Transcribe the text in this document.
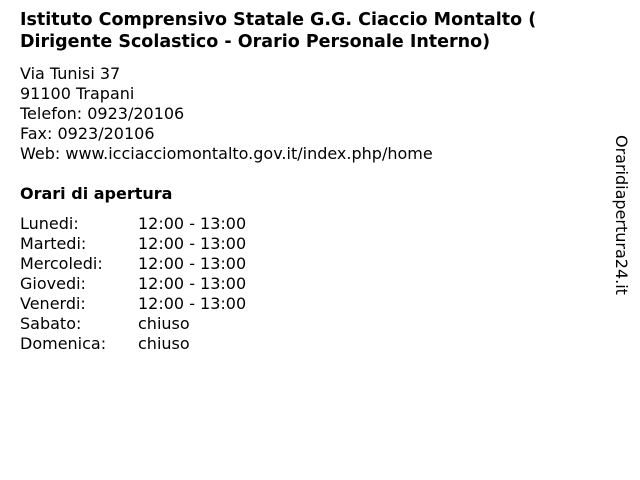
Istituto Comprensivo Statale G.G. Ciaccio Montalto (
Dirigente Scolastico - Orario Personale Interno)
Via Tunisi 37
91100 Trapani
Telefon: 0923/20106
Fax: 0923/20106
Web: www.icciacciomontalto.gov.it/index.php/home
Orari di apertura
Lunedi:	12:00 - 13:00
Martedi:	12:00 - 13:00
Mercoledi:	12:00 - 13:00
Giovedi:	12:00 - 13:00
Venerdi:	12:00 - 13:00
Sabato:	chiuso
Domenica:	chiuso
Oraridiapertura24.it
